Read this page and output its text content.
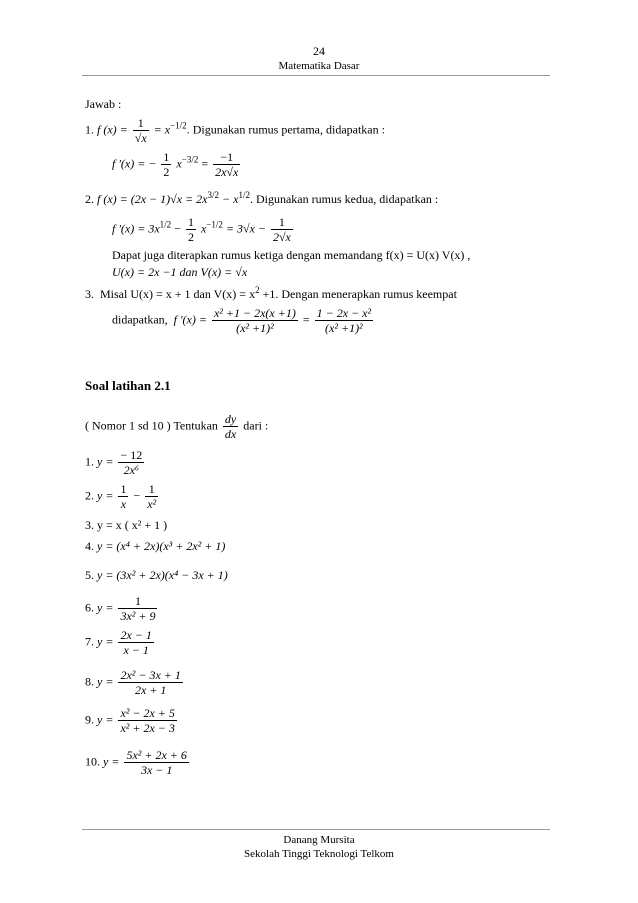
24
Matematika Dasar
Jawab :
1. f $(x) = \frac{1}{√x} = x^{-1/2}$. Digunakan rumus pertama, didapatkan :
f '(x) = − $\frac{1}{2} x^{-3/2} = \frac{-1}{2x√x}$
2. f $(x) = (2x - 1)√x = 2x^{3/2} - x^{1/2}$. Digunakan rumus kedua, didapatkan :
f '$(x) = 3x^{1/2} - \frac{1}{2} x^{-1/2} = 3√x - \frac{1}{2√x}$
Dapat juga diterapkan rumus ketiga dengan memandang f(x) = U(x) V(x) ,
U(x) = 2x −1 dan V(x) = √x
3. Misal U(x) = x + 1 dan $V(x) = x^2 +1$. Dengan menerapkan rumus keempat
didapatkan, f '$(x) = \frac{\text{x² +1 − 2x(x +1)}}{\text{(x² +1)²}} = \frac{\text{1 − 2x − x²}}{\text{(x² +1)²}}$
Soal latihan 2.1
( Nomor 1 sd 10 ) Tentukan $\frac{dy}{dx}$ dari :
1. $y = \frac{- 12}{\text{2x⁶}}$
2. $y = \frac{1}{x} - \frac{1}{\text{x²}}$
3. y = x ( x² + 1 )
4. y = (x⁴ + 2x)(x³ + 2x² + 1)
5. y = (3x² + 2x)(x⁴ − 3x + 1)
6. $y = \frac{1}{\text{3x² + 9}}$
7. $y = \frac{2x - 1}{x - 1}$
8. $y = \frac{\text{2x² − 3x + 1}}{2x + 1}$
9. $y = \frac{\text{x² − 2x + 5}}{\text{x² + 2x − 3}}$
10. $y = \frac{\text{5x² + 2x + 6}}{3x - 1}$
Danang Mursita
Sekolah Tinggi Teknologi Telkom
